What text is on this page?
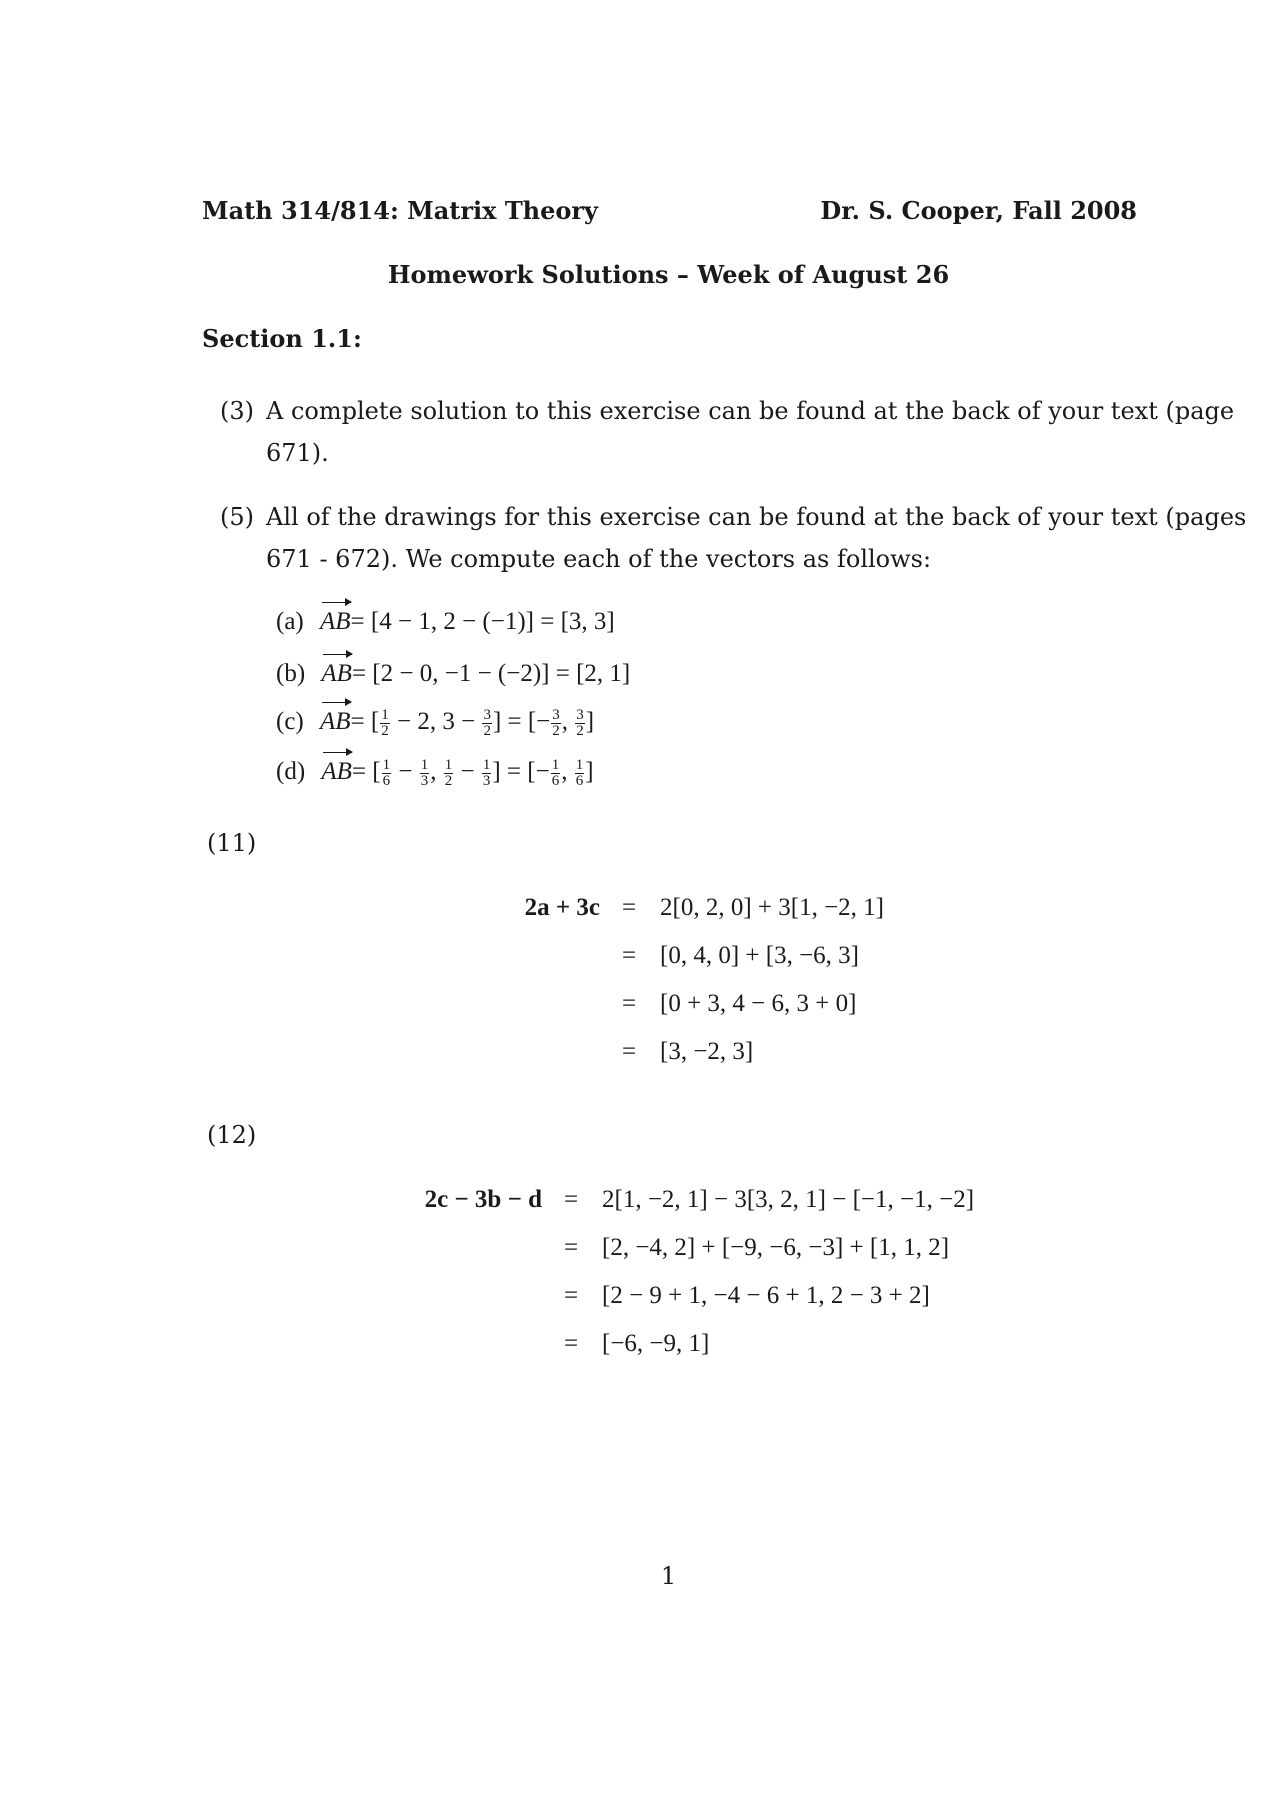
Math 314/814: Matrix Theory	Dr. S. Cooper, Fall 2008
Homework Solutions – Week of August 26
Section 1.1:
(3) A complete solution to this exercise can be found at the back of your text (page
671).
(5) All of the drawings for this exercise can be found at the back of your text (pages
671 - 672). We compute each of the vectors as follows:
(a) AB= [4 − 1, 2 − (−1)] = [3, 3]
(b) AB= [2 − 0, −1 − (−2)] = [2, 1]
(c) AB= [ $\frac{1}{2} - 2$, $3 - \frac{3}{2}$ ] = [− $\frac{3}{2}$ , $\frac{3}{2}$ ]
(d) AB= [ $\frac{1}{6} - \frac{1}{3}$ , $\frac{1}{2} - \frac{1}{3}$ ] = [− $\frac{1}{6}$ , $\frac{1}{6}$ ]
(11)
2a + 3c = 2[0, 2, 0] + 3[1, −2, 1]
= [0, 4, 0] + [3, −6, 3]
= [0 + 3, 4 − 6, 3 + 0]
= [3, −2, 3]
(12)
2c − 3b − d = 2[1, −2, 1] − 3[3, 2, 1] − [−1, −1, −2]
= [2, −4, 2] + [−9, −6, −3] + [1, 1, 2]
= [2 − 9 + 1, −4 − 6 + 1, 2 − 3 + 2]
= [−6, −9, 1]
1
